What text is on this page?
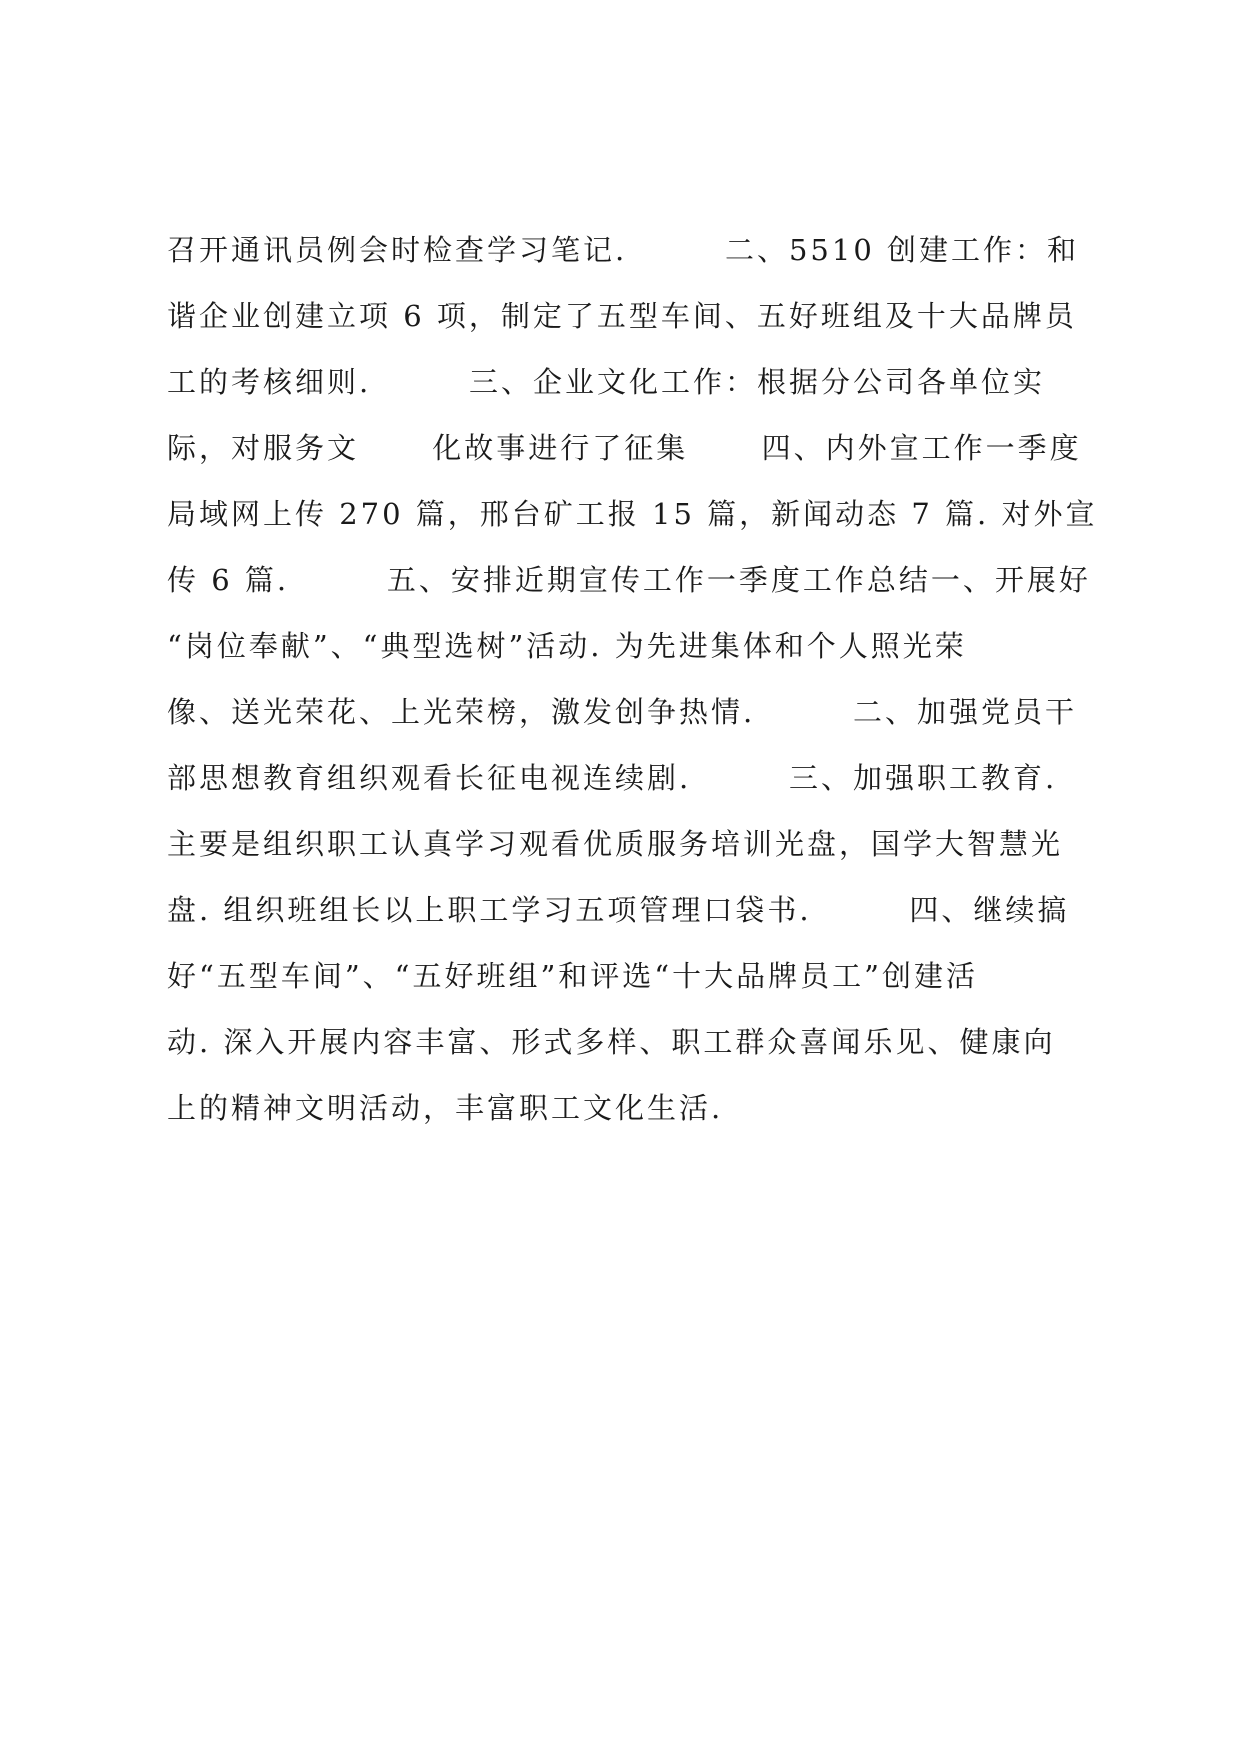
召开通讯员例会时检查学习笔记.        二、5510 创建工作：和
谐企业创建立项 6 项，制定了五型车间、五好班组及十大品牌员
工的考核细则.        三、企业文化工作：根据分公司各单位实
际，对服务文      化故事进行了征集      四、内外宣工作一季度
局域网上传 270 篇，邢台矿工报 15 篇，新闻动态 7 篇. 对外宣
传 6 篇.        五、安排近期宣传工作一季度工作总结一、开展好
“岗位奉献”、“典型选树”活动. 为先进集体和个人照光荣
像、送光荣花、上光荣榜，激发创争热情.        二、加强党员干
部思想教育组织观看长征电视连续剧.        三、加强职工教育.
主要是组织职工认真学习观看优质服务培训光盘，国学大智慧光
盘. 组织班组长以上职工学习五项管理口袋书.        四、继续搞
好“五型车间”、“五好班组”和评选“十大品牌员工”创建活
动. 深入开展内容丰富、形式多样、职工群众喜闻乐见、健康向
上的精神文明活动，丰富职工文化生活.
